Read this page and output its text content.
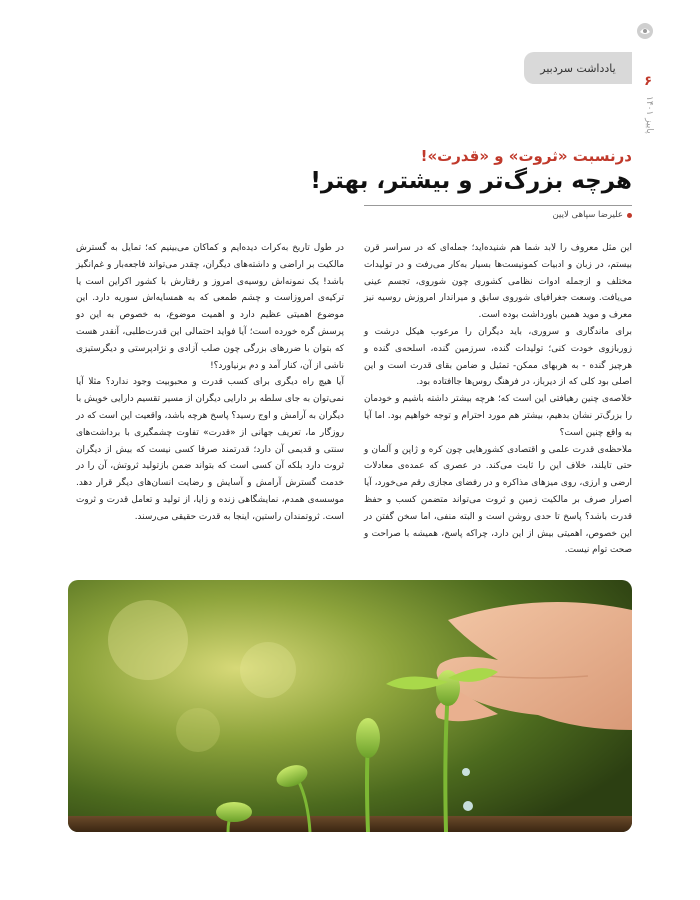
یادداشت سردبیر
۶
پاییز ۱۴۰۱
درنسبت «ثروت» و «قدرت»!
هرچه بزرگ‌تر و بیشتر، بهتر!
علیرضا سپاهی لایین

این مثل معروف را لابد شما هم شنیده‌اید؛ جمله‌ای که در سراسر قرن بیستم، در زبان و ادبیات کمونیست‌ها بسیار به‌کار می‌رفت و در تولیدات مختلف و ازجمله ادوات نظامی کشوری چون شوروی، تجسم عینی می‌یافت. وسعت جغرافیای شوروی سابق و میراندار امروزش روسیه نیز معرف و موید همین باورداشت بوده است.

برای ماندگاری و سروری، باید دیگران را مرعوب هیکل درشت و زوربازوی خودت کنی؛ تولیدات گنده، سرزمین گنده، اسلحه‌ی گنده و هرچیز گنده - به هربهای ممکن- تمثیل و ضامن بقای قدرت است و این اصلی بود کلی که از دیرباز، در فرهنگ روس‌ها جاافتاده بود.

خلاصه‌ی چنین رهیافتی این است که؛ هرچه بیشتر داشته باشیم و خودمان را بزرگ‌تر نشان بدهیم، بیشتر هم مورد احترام و توجه خواهیم بود. اما آیا به واقع چنین است؟

ملاحظه‌ی قدرت علمی و اقتصادی کشورهایی چون کره و ژاپن و آلمان و حتی تایلند، خلاف این را ثابت می‌کند. در عصری که عمده‌ی معادلات ارضی و ارزی، روی میزهای مذاکره و در رفضای مجازی رقم می‌خورد، آیا اصرار صرف بر مالکیت زمین و ثروت می‌تواند متضمن کسب و حفظ قدرت باشد؟ پاسخ تا حدی روشن است و البته منفی، اما سخن گفتن در این خصوص، اهمیتی بیش از این دارد، چراکه پاسخ، همیشه با صراحت و صحت توام نیست.

در طول تاریخ به‌کرات دیده‌ایم و کماکان می‌بینیم که؛ تمایل به گسترش مالکیت بر اراضی و داشته‌های دیگران، چقدر می‌تواند فاجعه‌بار و غم‌انگیز باشد! یک نمونه‌اش روسیه‌ی امروز و رفتارش با کشور اکراین است یا ترکیه‌ی امروزاست و چشم طمعی که به همسایه‌اش سوریه دارد. این موضوع اهمیتی عظیم دارد و اهمیت موضوع، به خصوص به این دو پرسش گره خورده است؛ آیا فواید احتمالی این قدرت‌طلبی، آنقدر هست که بتوان با ضررهای بزرگی چون صلب آزادی و نژادپرستی و دیگرستیزی ناشی از آن، کنار آمد و دم برنیاورد؟!

آیا هیچ راه دیگری برای کسب قدرت و محبوبیت وجود ندارد؟ مثلا آیا نمی‌توان به جای سلطه بر دارایی دیگران از مسیر تقسیم دارایی خویش با دیگران به آرامش و اوج رسید؟ پاسخ هرچه باشد، واقعیت این است که در روزگار ما، تعریف جهانی از «قدرت» تفاوت چشمگیری با برداشت‌های سنتی و قدیمی آن دارد؛ قدرتمند صرفا کسی نیست که بیش از دیگران ثروت دارد بلکه آن کسی است که بتواند ضمن بازتولید ثروتش، آن را در خدمت گسترش آرامش و آسایش و رضایت انسان‌های دیگر قرار دهد. موسسه‌ی همدم، نمایشگاهی زنده و زایا، از تولید و تعامل قدرت و ثروت است. ثروتمندان راستین، اینجا به قدرت حقیقی می‌رسند.
